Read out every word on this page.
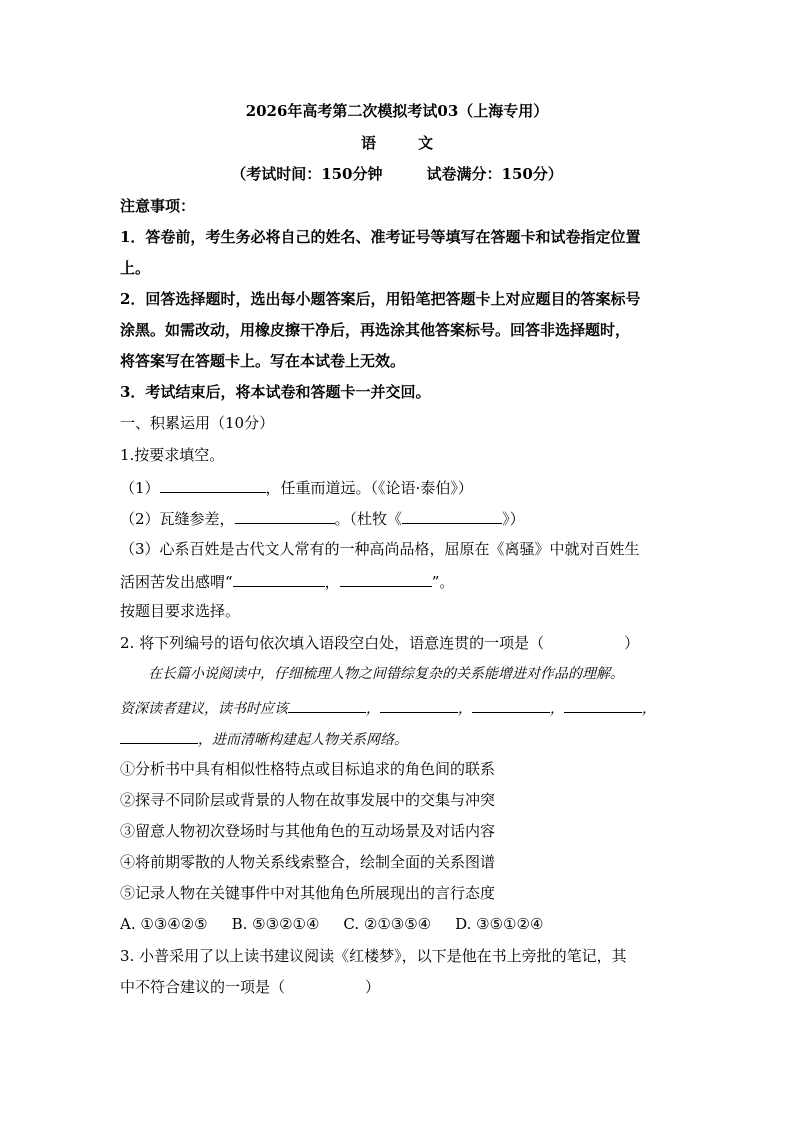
2026年高考第二次模拟考试03（上海专用）
语	文
（考试时间：150分钟	试卷满分：150分）
注意事项：
1．答卷前，考生务必将自己的姓名、准考证号等填写在答题卡和试卷指定位置
上。
2．回答选择题时，选出每小题答案后，用铅笔把答题卡上对应题目的答案标号
涂黑。如需改动，用橡皮擦干净后，再选涂其他答案标号。回答非选择题时，
将答案写在答题卡上。写在本试卷上无效。
3．考试结束后，将本试卷和答题卡一并交回。
一、积累运用（10分）
1.按要求填空。
（1）	，任重而道远。（《论语·泰伯》）
（2）瓦缝参差，	。（杜牧《	》）
（3）心系百姓是古代文人常有的一种高尚品格，屈原在《离骚》中就对百姓生
活困苦发出感喟“	，	”。
按题目要求选择。
2. 将下列编号的语句依次填入语段空白处，语意连贯的一项是（	）
在长篇小说阅读中，仔细梳理人物之间错综复杂的关系能增进对作品的理解。
资深读者建议，读书时应该	，	，	，	，
，进而清晰构建起人物关系网络。
①分析书中具有相似性格特点或目标追求的角色间的联系
②探寻不同阶层或背景的人物在故事发展中的交集与冲突
③留意人物初次登场时与其他角色的互动场景及对话内容
④将前期零散的人物关系线索整合，绘制全面的关系图谱
⑤记录人物在关键事件中对其他角色所展现出的言行态度
A. ①③④②⑤ B. ⑤③②①④ C. ②①③⑤④ D. ③⑤①②④
3. 小普采用了以上读书建议阅读《红楼梦》，以下是他在书上旁批的笔记，其
中不符合建议的一项是（	）
